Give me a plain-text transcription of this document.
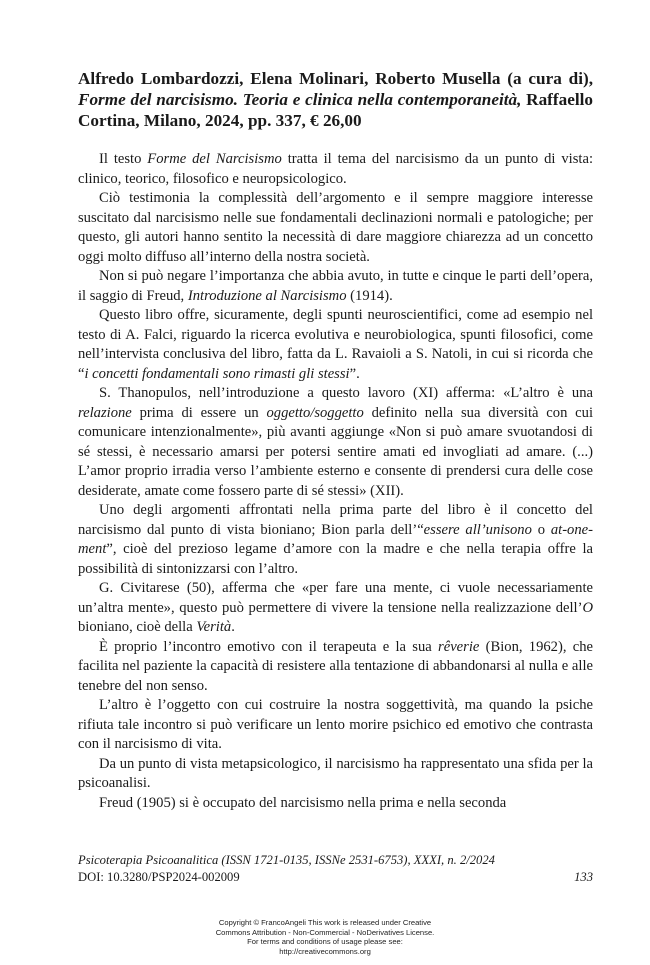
Alfredo Lombardozzi, Elena Molinari, Roberto Musella (a cura di), Forme del narcisismo. Teoria e clinica nella contemporaneità, Raffaello Cortina, Milano, 2024, pp. 337, € 26,00

Il testo Forme del Narcisismo tratta il tema del narcisismo da un punto di vista: clinico, teorico, filosofico e neuropsicologico.

Ciò testimonia la complessità dell’argomento e il sempre maggiore interesse suscitato dal narcisismo nelle sue fondamentali declinazioni normali e patologiche; per questo, gli autori hanno sentito la necessità di dare maggiore chiarezza ad un concetto oggi molto diffuso all’interno della nostra società.

Non si può negare l’importanza che abbia avuto, in tutte e cinque le parti dell’opera, il saggio di Freud, Introduzione al Narcisismo (1914).

Questo libro offre, sicuramente, degli spunti neuroscientifici, come ad esempio nel testo di A. Falci, riguardo la ricerca evolutiva e neurobiologica, spunti filosofici, come nell’intervista conclusiva del libro, fatta da L. Ravaioli a S. Natoli, in cui si ricorda che “i concetti fondamentali sono rimasti gli stessi”.

S. Thanopulos, nell’introduzione a questo lavoro (XI) afferma: «L’altro è una relazione prima di essere un oggetto/soggetto definito nella sua diversità con cui comunicare intenzionalmente», più avanti aggiunge «Non si può amare svuotandosi di sé stessi, è necessario amarsi per potersi sentire amati ed invogliati ad amare. (...) L’amor proprio irradia verso l’ambiente esterno e consente di prendersi cura delle cose desiderate, amate come fossero parte di sé stessi» (XII).

Uno degli argomenti affrontati nella prima parte del libro è il concetto del narcisismo dal punto di vista bioniano; Bion parla dell’“essere all’unisono o at-one-ment”, cioè del prezioso legame d’amore con la madre e che nella terapia offre la possibilità di sintonizzarsi con l’altro.

G. Civitarese (50), afferma che «per fare una mente, ci vuole necessariamente un’altra mente», questo può permettere di vivere la tensione nella realizzazione dell’O bioniano, cioè della Verità.

È proprio l’incontro emotivo con il terapeuta e la sua rêverie (Bion, 1962), che facilita nel paziente la capacità di resistere alla tentazione di abbandonarsi al nulla e alle tenebre del non senso.

L’altro è l’oggetto con cui costruire la nostra soggettività, ma quando la psiche rifiuta tale incontro si può verificare un lento morire psichico ed emotivo che contrasta con il narcisismo di vita.

Da un punto di vista metapsicologico, il narcisismo ha rappresentato una sfida per la psicoanalisi.

Freud (1905) si è occupato del narcisismo nella prima e nella seconda

Psicoterapia Psicoanalitica (ISSN 1721-0135, ISSNe 2531-6753), XXXI, n. 2/2024
DOI: 10.3280/PSP2024-002009	133
Copyright © FrancoAngeli This work is released under Creative
Commons Attribution - Non-Commercial - NoDerivatives License.
For terms and conditions of usage please see:
http://creativecommons.org
